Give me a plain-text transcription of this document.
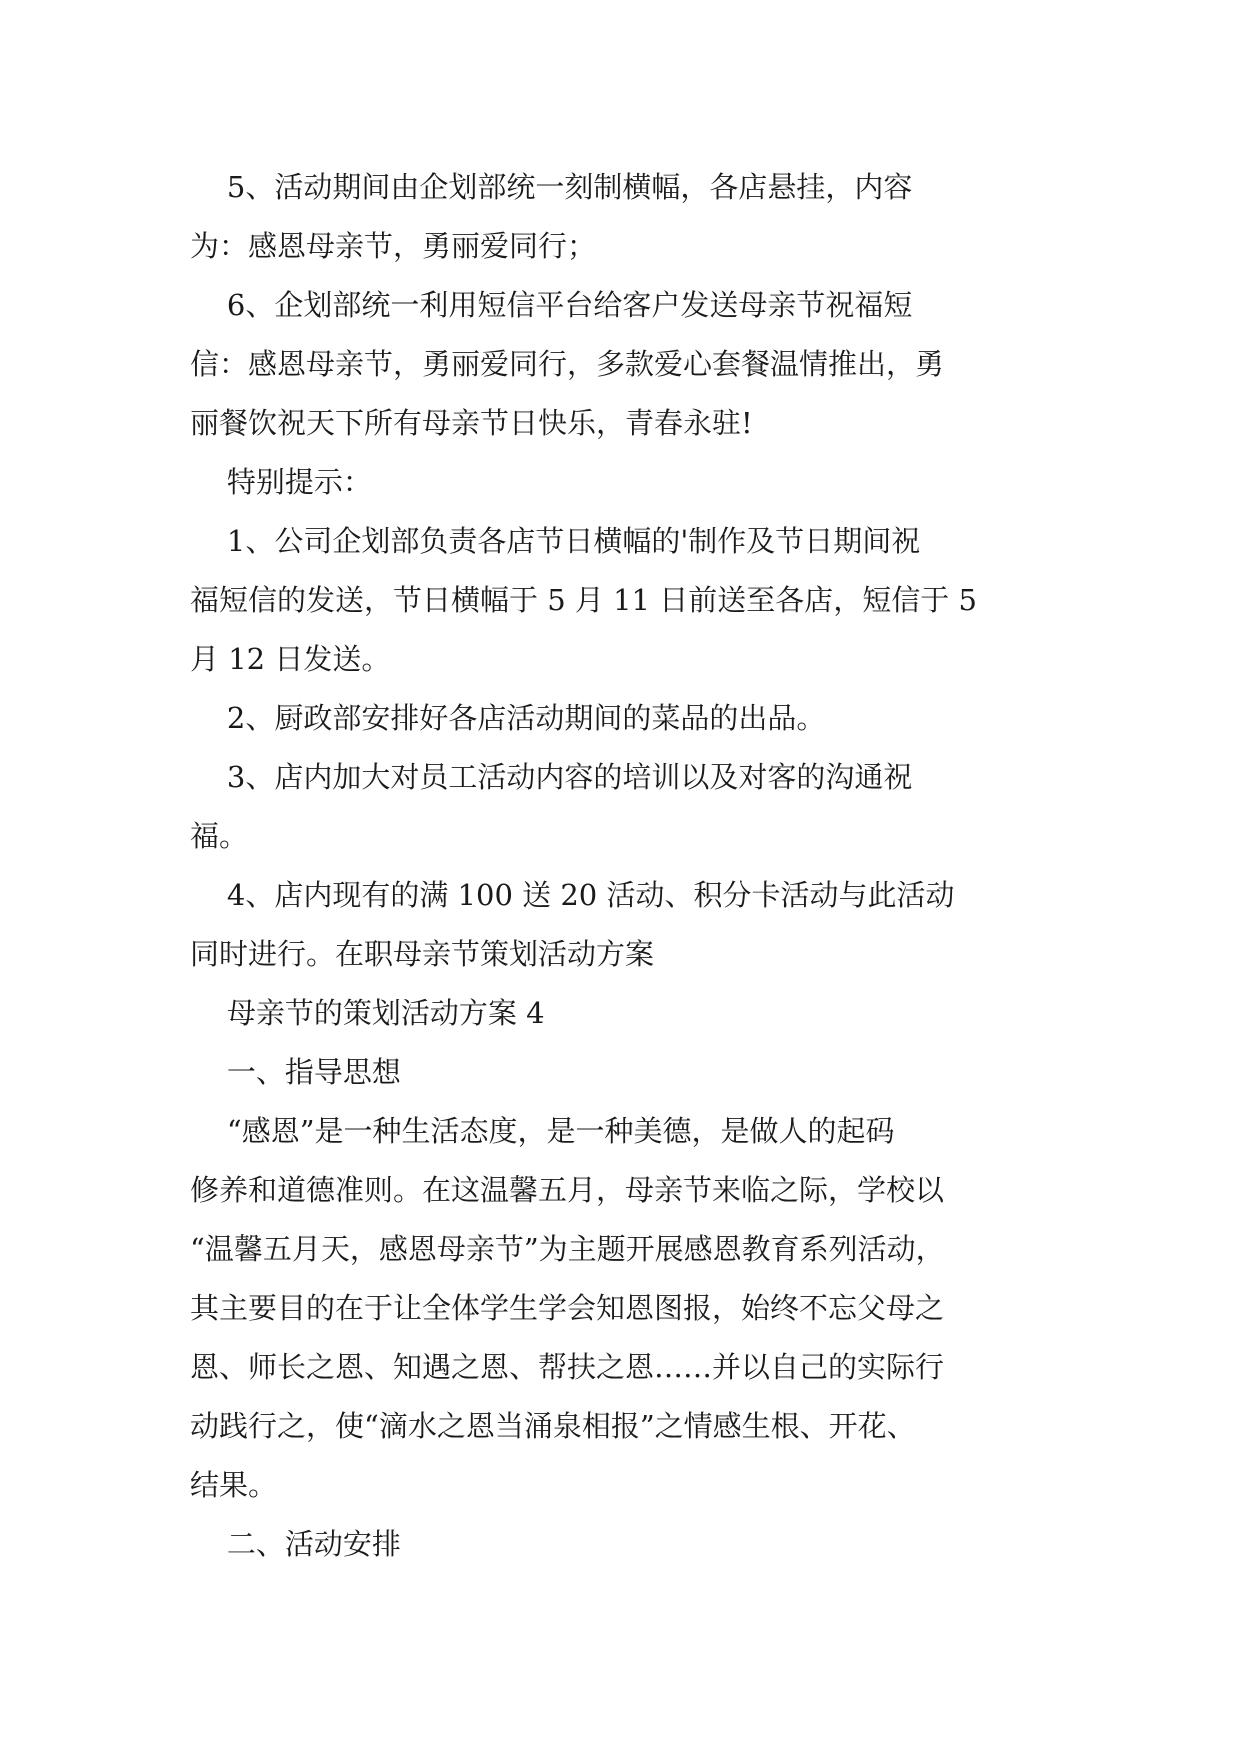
5、活动期间由企划部统一刻制横幅，各店悬挂，内容

为：感恩母亲节，勇丽爱同行；

6、企划部统一利用短信平台给客户发送母亲节祝福短

信：感恩母亲节，勇丽爱同行，多款爱心套餐温情推出，勇

丽餐饮祝天下所有母亲节日快乐，青春永驻!

特别提示：

1、公司企划部负责各店节日横幅的'制作及节日期间祝

福短信的发送，节日横幅于 5 月 11 日前送至各店，短信于 5

月 12 日发送。

2、厨政部安排好各店活动期间的菜品的出品。

3、店内加大对员工活动内容的培训以及对客的沟通祝

福。

4、店内现有的满 100 送 20 活动、积分卡活动与此活动

同时进行。在职母亲节策划活动方案

母亲节的策划活动方案 4

一、指导思想

“感恩”是一种生活态度，是一种美德，是做人的起码

修养和道德准则。在这温馨五月，母亲节来临之际，学校以

“温馨五月天，感恩母亲节”为主题开展感恩教育系列活动，

其主要目的在于让全体学生学会知恩图报，始终不忘父母之

恩、师长之恩、知遇之恩、帮扶之恩……并以自己的实际行

动践行之，使“滴水之恩当涌泉相报”之情感生根、开花、

结果。

二、活动安排
